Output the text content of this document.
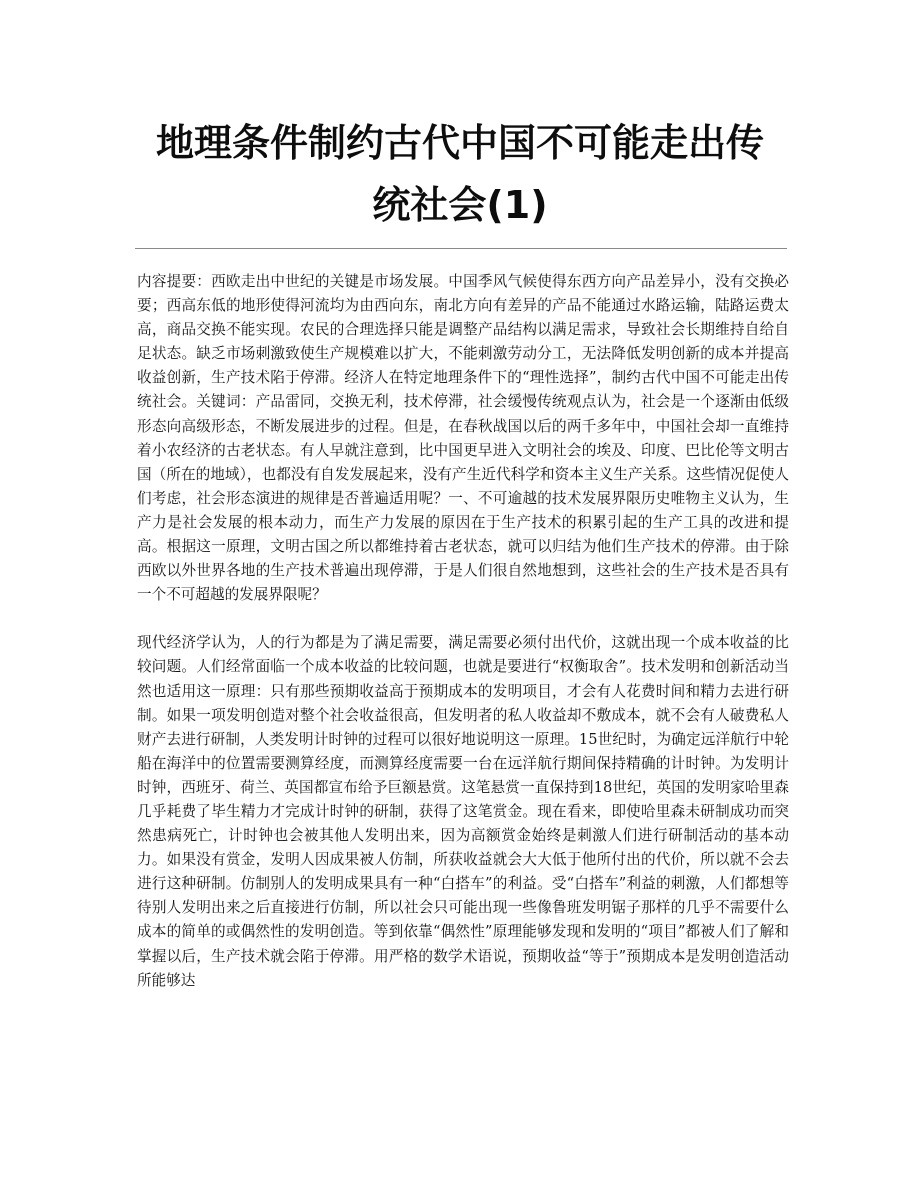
地理条件制约古代中国不可能走出传
统社会(1)

内容提要：西欧走出中世纪的关键是市场发展。中国季风气候使得东西方向产品差异小，没有交换必要；西高东低的地形使得河流均为由西向东，南北方向有差异的产品不能通过水路运输，陆路运费太高，商品交换不能实现。农民的合理选择只能是调整产品结构以满足需求，导致社会长期维持自给自足状态。缺乏市场刺激致使生产规模难以扩大，不能刺激劳动分工，无法降低发明创新的成本并提高收益创新，生产技术陷于停滞。经济人在特定地理条件下的“理性选择”，制约古代中国不可能走出传统社会。关键词：产品雷同，交换无利，技术停滞，社会缓慢传统观点认为，社会是一个逐渐由低级形态向高级形态，不断发展进步的过程。但是，在春秋战国以后的两千多年中，中国社会却一直维持着小农经济的古老状态。有人早就注意到，比中国更早进入文明社会的埃及、印度、巴比伦等文明古国（所在的地域），也都没有自发发展起来，没有产生近代科学和资本主义生产关系。这些情况促使人们考虑，社会形态演进的规律是否普遍适用呢？一、不可逾越的技术发展界限历史唯物主义认为，生产力是社会发展的根本动力，而生产力发展的原因在于生产技术的积累引起的生产工具的改进和提高。根据这一原理，文明古国之所以都维持着古老状态，就可以归结为他们生产技术的停滞。由于除西欧以外世界各地的生产技术普遍出现停滞，于是人们很自然地想到，这些社会的生产技术是否具有一个不可超越的发展界限呢？

现代经济学认为，人的行为都是为了满足需要，满足需要必须付出代价，这就出现一个成本收益的比较问题。人们经常面临一个成本收益的比较问题，也就是要进行“权衡取舍”。技术发明和创新活动当然也适用这一原理：只有那些预期收益高于预期成本的发明项目，才会有人花费时间和精力去进行研制。如果一项发明创造对整个社会收益很高，但发明者的私人收益却不敷成本，就不会有人破费私人财产去进行研制，人类发明计时钟的过程可以很好地说明这一原理。15世纪时，为确定远洋航行中轮船在海洋中的位置需要测算经度，而测算经度需要一台在远洋航行期间保持精确的计时钟。为发明计时钟，西班牙、荷兰、英国都宣布给予巨额悬赏。这笔悬赏一直保持到18世纪，英国的发明家哈里森几乎耗费了毕生精力才完成计时钟的研制，获得了这笔赏金。现在看来，即使哈里森未研制成功而突然患病死亡，计时钟也会被其他人发明出来，因为高额赏金始终是刺激人们进行研制活动的基本动力。如果没有赏金，发明人因成果被人仿制，所获收益就会大大低于他所付出的代价，所以就不会去进行这种研制。仿制别人的发明成果具有一种“白搭车”的利益。受“白搭车”利益的刺激，人们都想等待别人发明出来之后直接进行仿制，所以社会只可能出现一些像鲁班发明锯子那样的几乎不需要什么成本的简单的或偶然性的发明创造。等到依靠“偶然性”原理能够发现和发明的“项目”都被人们了解和掌握以后，生产技术就会陷于停滞。用严格的数学术语说，预期收益“等于”预期成本是发明创造活动所能够达
